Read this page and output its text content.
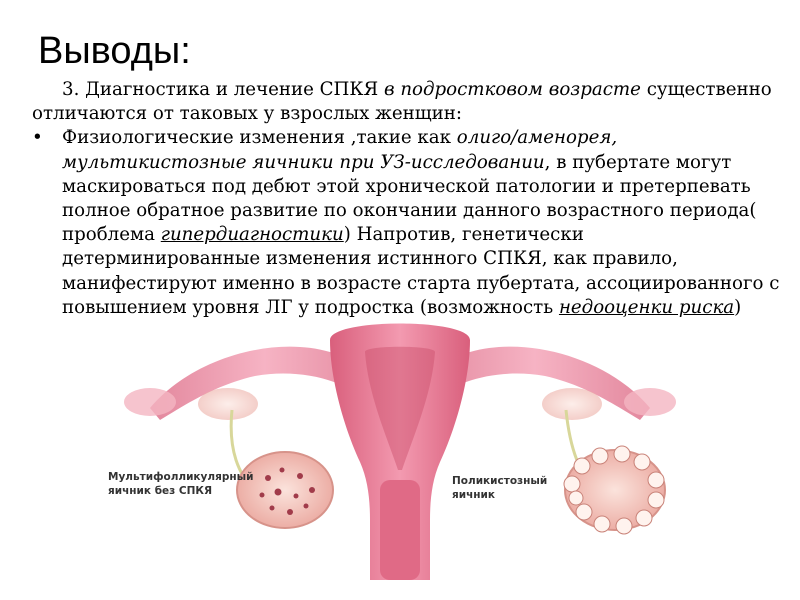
Выводы:

3. Диагностика и лечение СПКЯ в подростковом возрасте существенно отличаются от таковых у взрослых женщин:

• Физиологические изменения ,такие как олиго/аменорея, мультикистозные яичники при УЗ-исследовании, в пубертате могут маскироваться под дебют этой хронической патологии и претерпевать полное обратное развитие по окончании данного возрастного периода( проблема гипердиагностики) Напротив, генетически детерминированные изменения истинного СПКЯ, как правило, манифестируют именно в возрасте старта пубертата, ассоциированного с повышением уровня ЛГ у подростка (возможность недооценки риска)

Мультифолликулярный
яичник без СПКЯ
Поликистозный
яичник
